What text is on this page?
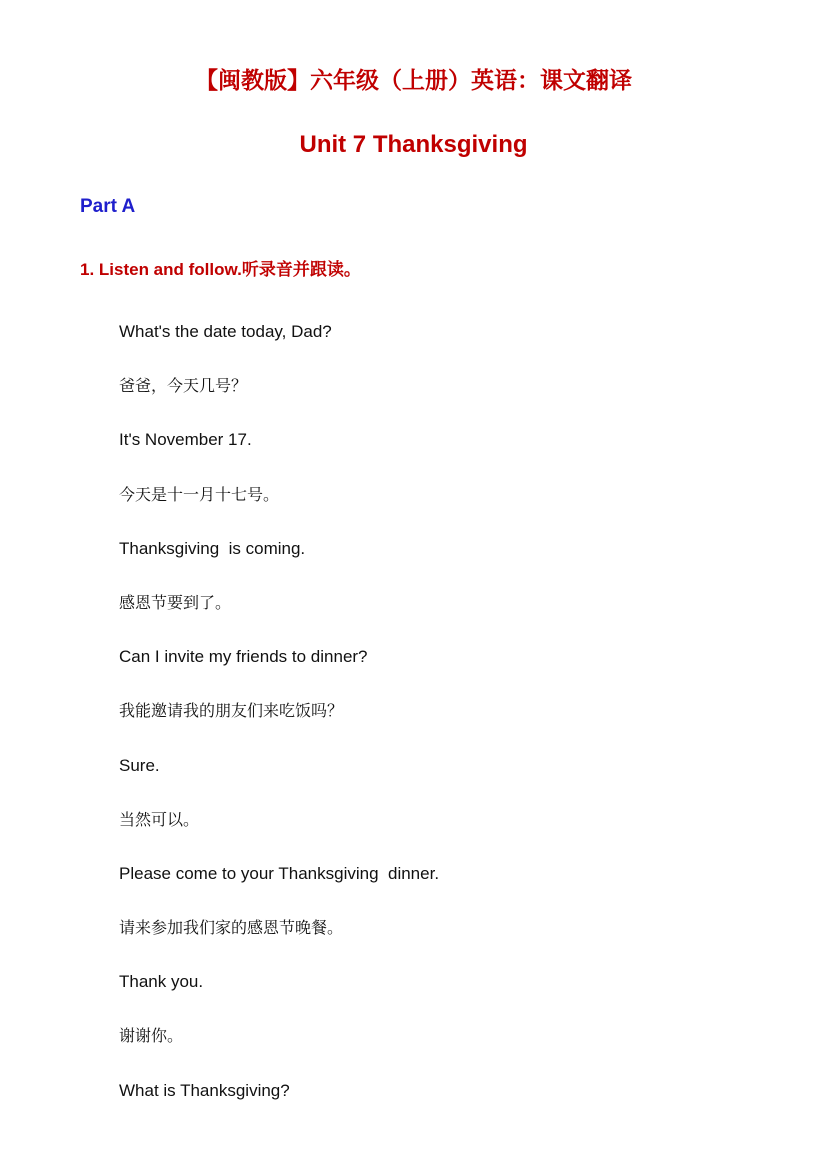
【闽教版】六年级（上册）英语：课文翻译
Unit 7 Thanksgiving
Part A
1. Listen and follow.听录音并跟读。
What's the date today, Dad?
爸爸，今天几号？
It's November 17.
今天是十一月十七号。
Thanksgiving  is coming.
感恩节要到了。
Can I invite my friends to dinner?
我能邀请我的朋友们来吃饭吗？
Sure.
当然可以。
Please come to your Thanksgiving  dinner.
请来参加我们家的感恩节晚餐。
Thank you.
谢谢你。
What is Thanksgiving?
